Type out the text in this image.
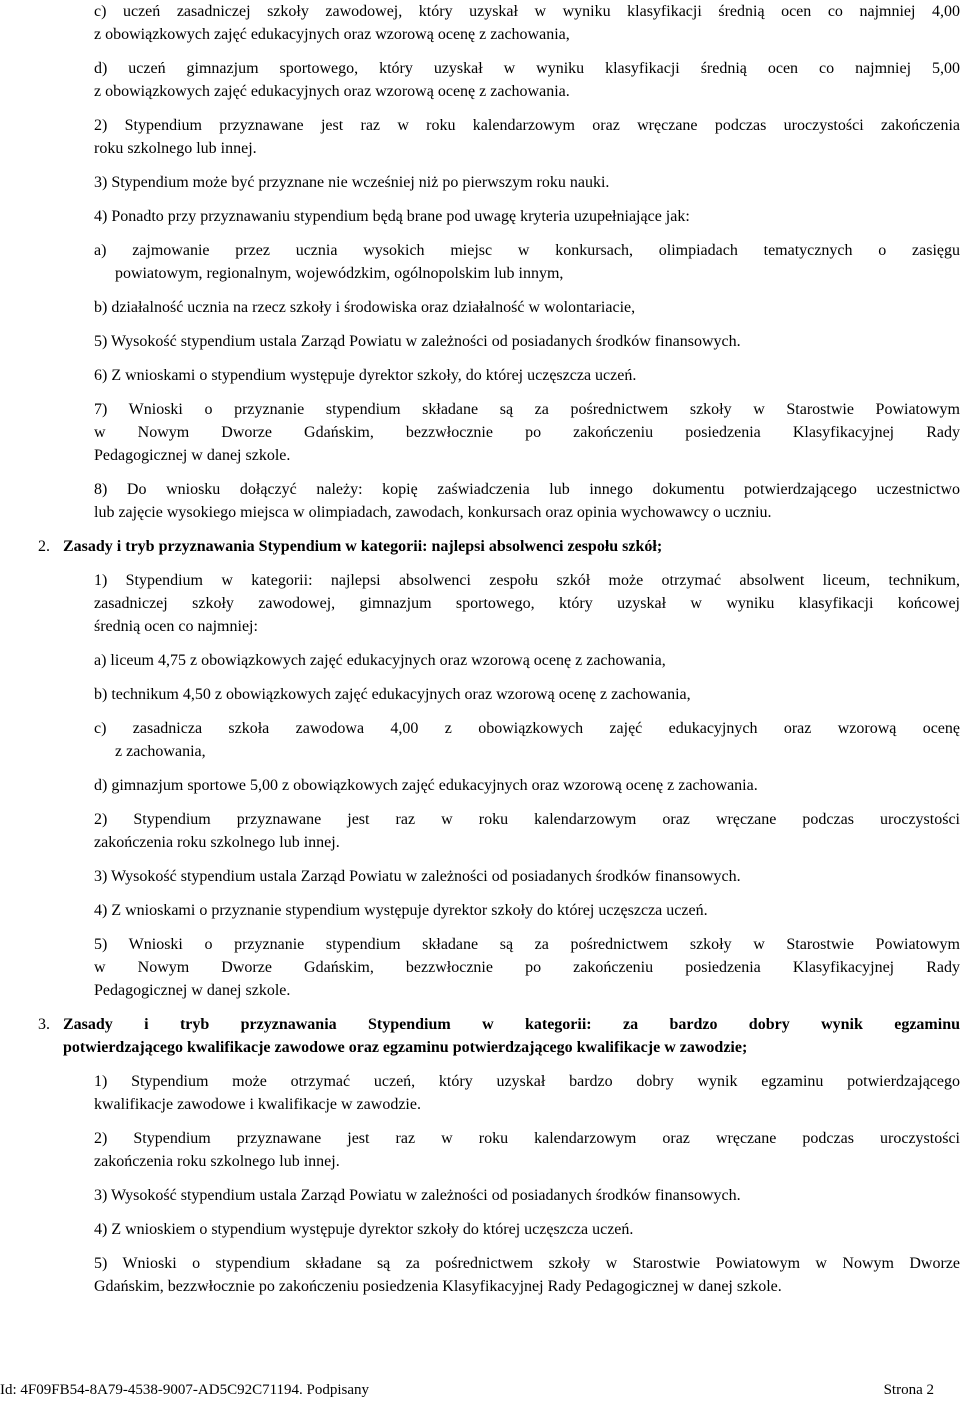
c) uczeń zasadniczej szkoły zawodowej, który uzyskał w wyniku klasyfikacji średnią ocen co najmniej 4,00
z obowiązkowych zajęć edukacyjnych oraz wzorową ocenę z zachowania,
d) uczeń gimnazjum sportowego, który uzyskał w wyniku klasyfikacji średnią ocen co najmniej 5,00
z obowiązkowych zajęć edukacyjnych oraz wzorową ocenę z zachowania.
2) Stypendium przyznawane jest raz w roku kalendarzowym oraz wręczane podczas uroczystości zakończenia
roku szkolnego lub innej.
3) Stypendium może być przyznane nie wcześniej niż po pierwszym roku nauki.
4) Ponadto przy przyznawaniu stypendium będą brane pod uwagę kryteria uzupełniające jak:
a) zajmowanie przez ucznia wysokich miejsc w konkursach, olimpiadach tematycznych o zasięgu
powiatowym, regionalnym, wojewódzkim, ogólnopolskim lub innym,
b) działalność ucznia na rzecz szkoły i środowiska oraz działalność w wolontariacie,
5) Wysokość stypendium ustala Zarząd Powiatu w zależności od posiadanych środków finansowych.
6) Z wnioskami o stypendium występuje dyrektor szkoły, do której uczęszcza uczeń.
7) Wnioski o przyznanie stypendium składane są za pośrednictwem szkoły w Starostwie Powiatowym
w Nowym Dworze Gdańskim, bezzwłocznie po zakończeniu posiedzenia Klasyfikacyjnej Rady
Pedagogicznej w danej szkole.
8) Do wniosku dołączyć należy: kopię zaświadczenia lub innego dokumentu potwierdzającego uczestnictwo
lub zajęcie wysokiego miejsca w olimpiadach, zawodach, konkursach oraz opinia wychowawcy o uczniu.
2. Zasady i tryb przyznawania Stypendium w kategorii: najlepsi absolwenci zespołu szkół;
1) Stypendium w kategorii: najlepsi absolwenci zespołu szkół może otrzymać absolwent liceum, technikum,
zasadniczej szkoły zawodowej, gimnazjum sportowego, który uzyskał w wyniku klasyfikacji końcowej
średnią ocen co najmniej:
a) liceum 4,75 z obowiązkowych zajęć edukacyjnych oraz wzorową ocenę z zachowania,
b) technikum 4,50 z obowiązkowych zajęć edukacyjnych oraz wzorową ocenę z zachowania,
c) zasadnicza szkoła zawodowa 4,00 z obowiązkowych zajęć edukacyjnych oraz wzorową ocenę
z zachowania,
d) gimnazjum sportowe 5,00 z obowiązkowych zajęć edukacyjnych oraz wzorową ocenę z zachowania.
2) Stypendium przyznawane jest raz w roku kalendarzowym oraz wręczane podczas uroczystości
zakończenia roku szkolnego lub innej.
3) Wysokość stypendium ustala Zarząd Powiatu w zależności od posiadanych środków finansowych.
4) Z wnioskami o przyznanie stypendium występuje dyrektor szkoły do której uczęszcza uczeń.
5) Wnioski o przyznanie stypendium składane są za pośrednictwem szkoły w Starostwie Powiatowym
w Nowym Dworze Gdańskim, bezzwłocznie po zakończeniu posiedzenia Klasyfikacyjnej Rady
Pedagogicznej w danej szkole.
3. Zasady i tryb przyznawania Stypendium w kategorii: za bardzo dobry wynik egzaminu
potwierdzającego kwalifikacje zawodowe oraz egzaminu potwierdzającego kwalifikacje w zawodzie;
1) Stypendium może otrzymać uczeń, który uzyskał bardzo dobry wynik egzaminu potwierdzającego
kwalifikacje zawodowe i kwalifikacje w zawodzie.
2) Stypendium przyznawane jest raz w roku kalendarzowym oraz wręczane podczas uroczystości
zakończenia roku szkolnego lub innej.
3) Wysokość stypendium ustala Zarząd Powiatu w zależności od posiadanych środków finansowych.
4) Z wnioskiem o stypendium występuje dyrektor szkoły do której uczęszcza uczeń.
5) Wnioski o stypendium składane są za pośrednictwem szkoły w Starostwie Powiatowym w Nowym Dworze
Gdańskim, bezzwłocznie po zakończeniu posiedzenia Klasyfikacyjnej Rady Pedagogicznej w danej szkole.
Id: 4F09FB54-8A79-4538-9007-AD5C92C71194. Podpisany	Strona 2
